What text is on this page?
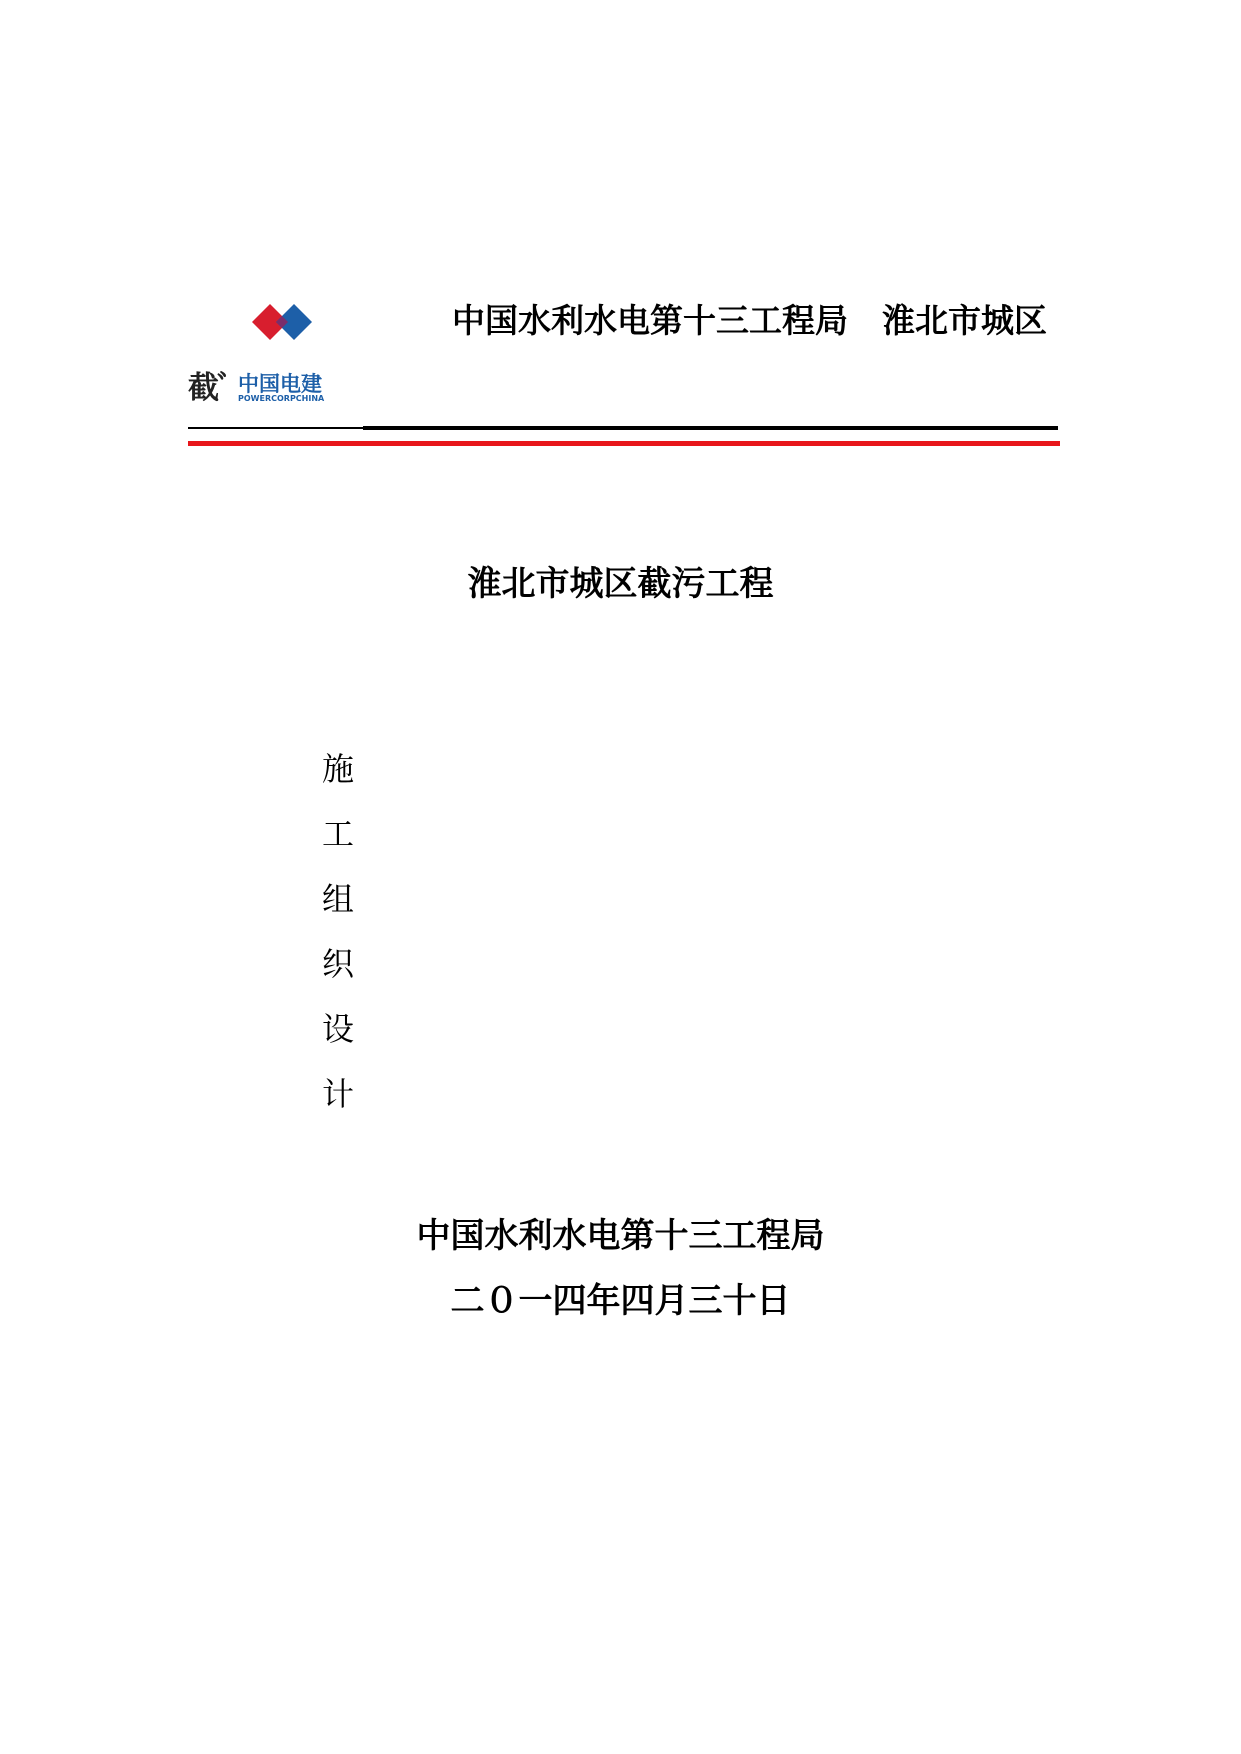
截ﾞ 中国电建
POWERCORPCHINA
中国水利水电第十三工程局 淮北市城区
淮北市城区截污工程
施
工
组
织
设
计
中国水利水电第十三工程局
二０一四年四月三十日
